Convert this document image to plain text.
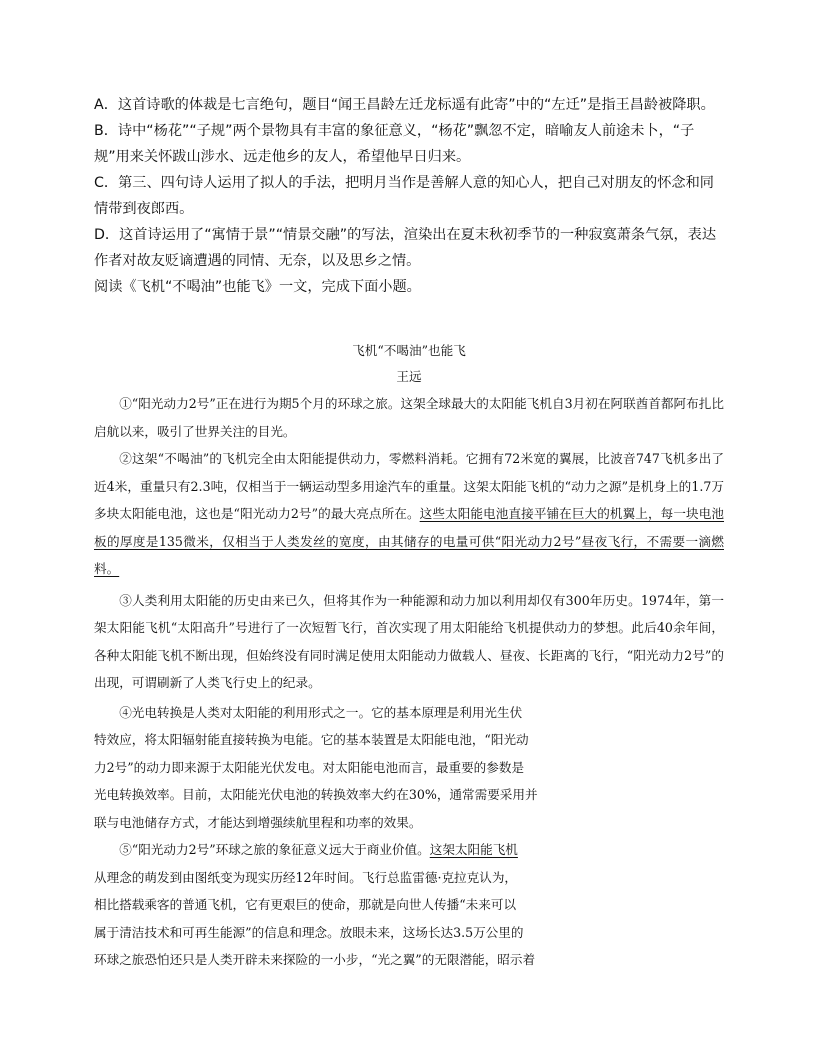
A．这首诗歌的体裁是七言绝句，题目“闻王昌龄左迁龙标遥有此寄”中的“左迁”是指王昌龄被降职。

B．诗中“杨花”“子规”两个景物具有丰富的象征意义，“杨花”飘忽不定，暗喻友人前途未卜，“子规”用来关怀跋山涉水、远走他乡的友人，希望他早日归来。

C．第三、四句诗人运用了拟人的手法，把明月当作是善解人意的知心人，把自己对朋友的怀念和同情带到夜郎西。

D．这首诗运用了“寓情于景”“情景交融”的写法，渲染出在夏末秋初季节的一种寂寞萧条气氛，表达作者对故友贬谪遭遇的同情、无奈，以及思乡之情。

阅读《飞机“不喝油”也能飞》一文，完成下面小题。

飞机“不喝油”也能飞
王远

①“阳光动力2号”正在进行为期5个月的环球之旅。这架全球最大的太阳能飞机自3月初在阿联酋首都阿布扎比启航以来，吸引了世界关注的目光。

②这架“不喝油”的飞机完全由太阳能提供动力，零燃料消耗。它拥有72米宽的翼展，比波音747飞机多出了近4米，重量只有2.3吨，仅相当于一辆运动型多用途汽车的重量。这架太阳能飞机的“动力之源”是机身上的1.7万多块太阳能电池，这也是“阳光动力2号”的最大亮点所在。这些太阳能电池直接平铺在巨大的机翼上，每一块电池板的厚度是135微米，仅相当于人类发丝的宽度，由其储存的电量可供“阳光动力2号”昼夜飞行，不需要一滴燃料。

③人类利用太阳能的历史由来已久，但将其作为一种能源和动力加以利用却仅有300年历史。1974年，第一架太阳能飞机“太阳高升”号进行了一次短暂飞行，首次实现了用太阳能给飞机提供动力的梦想。此后40余年间，各种太阳能飞机不断出现，但始终没有同时满足使用太阳能动力做载人、昼夜、长距离的飞行，“阳光动力2号”的出现，可谓刷新了人类飞行史上的纪录。

④光电转换是人类对太阳能的利用形式之一。它的基本原理是利用光生伏
特效应，将太阳辐射能直接转换为电能。它的基本装置是太阳能电池，“阳光动
力2号”的动力即来源于太阳能光伏发电。对太阳能电池而言，最重要的参数是
光电转换效率。目前，太阳能光伏电池的转换效率大约在30%，通常需要采用并
联与电池储存方式，才能达到增强续航里程和功率的效果。
⑤“阳光动力2号”环球之旅的象征意义远大于商业价值。这架太阳能飞机
从理念的萌发到由图纸变为现实历经12年时间。飞行总监雷德·克拉克认为，
相比搭载乘客的普通飞机，它有更艰巨的使命，那就是向世人传播“未来可以
属于清洁技术和可再生能源”的信息和理念。放眼未来，这场长达3.5万公里的
环球之旅恐怕还只是人类开辟未来探险的一小步，“光之翼”的无限潜能，昭示着
